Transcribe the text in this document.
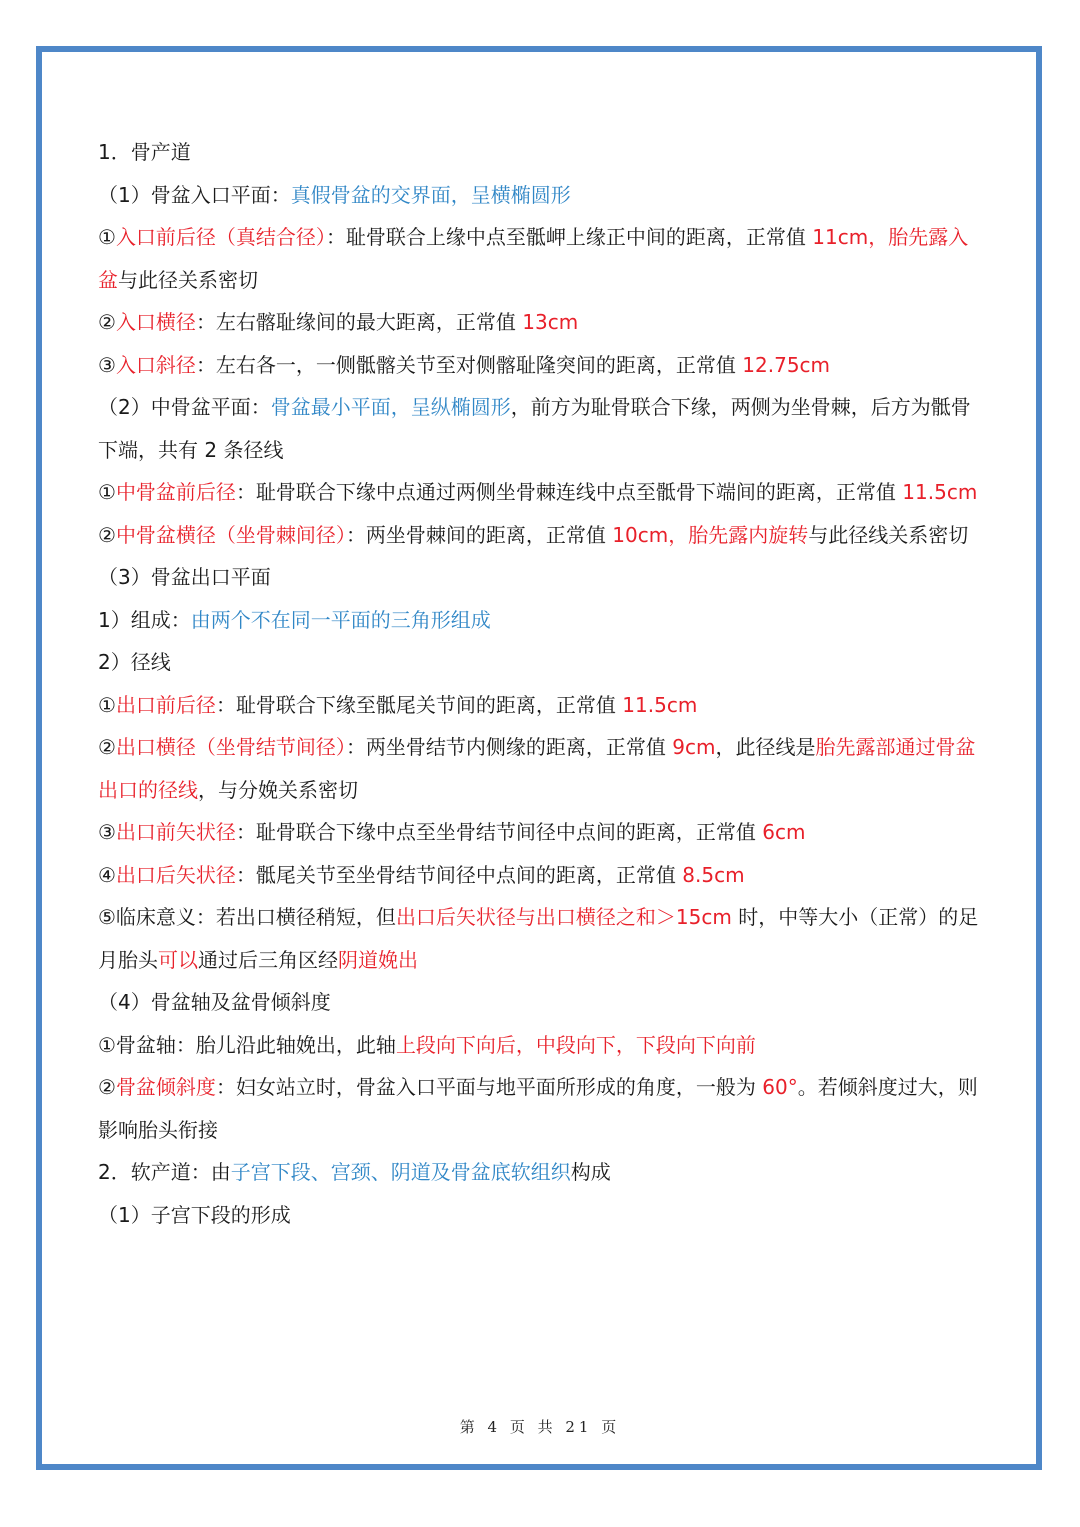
1．骨产道

（1）骨盆入口平面：真假骨盆的交界面，呈横椭圆形

①入口前后径（真结合径）：耻骨联合上缘中点至骶岬上缘正中间的距离，正常值 11cm，胎先露入盆与此径关系密切

②入口横径：左右髂耻缘间的最大距离，正常值 13cm

③入口斜径：左右各一，一侧骶髂关节至对侧髂耻隆突间的距离，正常值 12.75cm

（2）中骨盆平面：骨盆最小平面，呈纵椭圆形，前方为耻骨联合下缘，两侧为坐骨棘，后方为骶骨下端，共有 2 条径线

①中骨盆前后径：耻骨联合下缘中点通过两侧坐骨棘连线中点至骶骨下端间的距离，正常值 11.5cm

②中骨盆横径（坐骨棘间径）：两坐骨棘间的距离，正常值 10cm，胎先露内旋转与此径线关系密切

（3）骨盆出口平面

1）组成：由两个不在同一平面的三角形组成

2）径线

①出口前后径：耻骨联合下缘至骶尾关节间的距离，正常值 11.5cm

②出口横径（坐骨结节间径）：两坐骨结节内侧缘的距离，正常值 9cm，此径线是胎先露部通过骨盆出口的径线，与分娩关系密切

③出口前矢状径：耻骨联合下缘中点至坐骨结节间径中点间的距离，正常值 6cm

④出口后矢状径：骶尾关节至坐骨结节间径中点间的距离，正常值 8.5cm

⑤临床意义：若出口横径稍短，但出口后矢状径与出口横径之和＞15cm 时，中等大小（正常）的足月胎头可以通过后三角区经阴道娩出

（4）骨盆轴及盆骨倾斜度

①骨盆轴：胎儿沿此轴娩出，此轴上段向下向后，中段向下，下段向下向前

②骨盆倾斜度：妇女站立时，骨盆入口平面与地平面所形成的角度，一般为 60°。若倾斜度过大，则影响胎头衔接

2．软产道：由子宫下段、宫颈、阴道及骨盆底软组织构成

（1）子宫下段的形成

第 4 页 共 21 页
